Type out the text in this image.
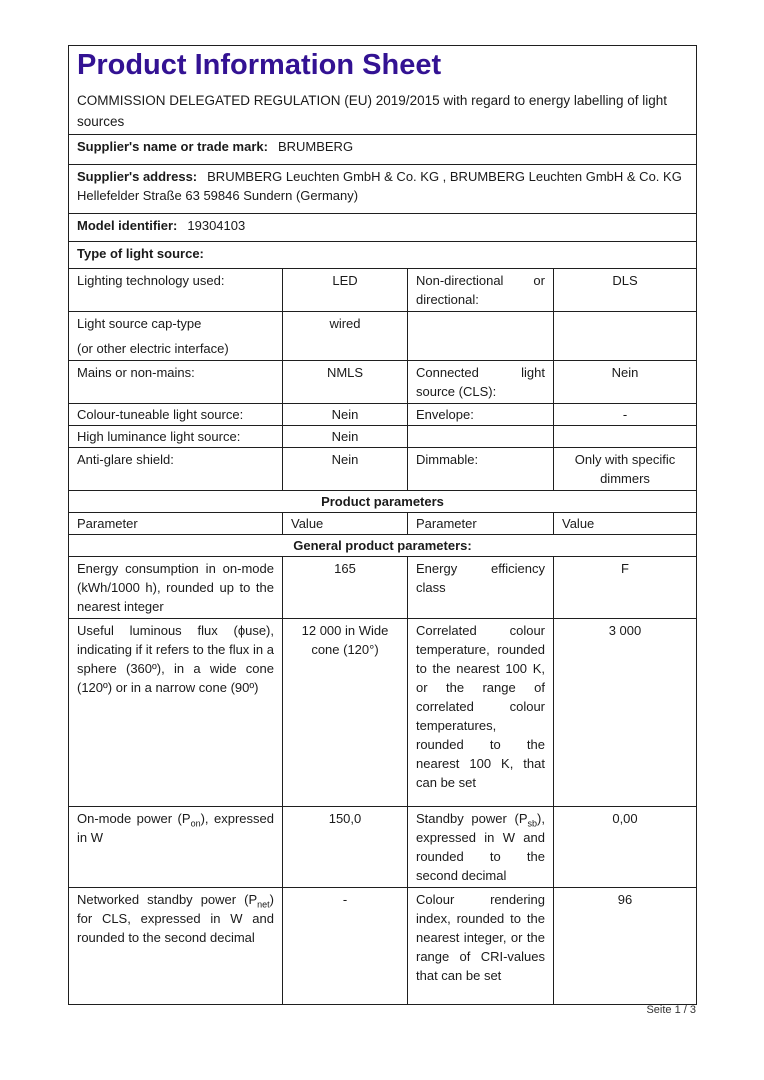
Product Information Sheet
COMMISSION DELEGATED REGULATION (EU) 2019/2015 with regard to energy labelling of light sources			

Supplier's name or trade mark: BRUMBERG			
Supplier's address: BRUMBERG Leuchten GmbH & Co. KG , BRUMBERG Leuchten GmbH & Co. KG Hellefelder Straße 63 59846 Sundern (Germany)			
Model identifier: 19304103			
Type of light source:			
Lighting technology used:	LED	Non-directional or directional:	DLS

Light source cap-type
(or other electric interface)	wired		
Mains or non-mains:	NMLS	Connected light source (CLS):	Nein
Colour-tuneable light source:	Nein	Envelope:	-
High luminance light source:	Nein		
Anti-glare shield:	Nein	Dimmable:	Only with specific dimmers
Product parameters			
Parameter	Value	Parameter	Value
General product parameters:			
Energy consumption in on-mode (kWh/1000 h), rounded up to the nearest integer	165	Energy efficiency class	F
Useful luminous flux (ϕuse), indicating if it refers to the flux in a sphere (360º), in a wide cone (120º) or in a narrow cone (90º)	12 000 in Wide cone (120°)	Correlated colour temperature, rounded to the nearest 100 K, or the range of correlated colour temperatures, rounded to the nearest 100 K, that can be set	3 000
On-mode power $(P_{on})$, expressed in W	150,0	Standby power $(P_{sb})$, expressed in W and rounded to the second decimal	0,00
Networked standby power $(P_{net})$ for CLS, expressed in W and rounded to the second decimal	-	Colour rendering index, rounded to the nearest integer, or the range of CRI-values that can be set	96
Seite 1 / 3
